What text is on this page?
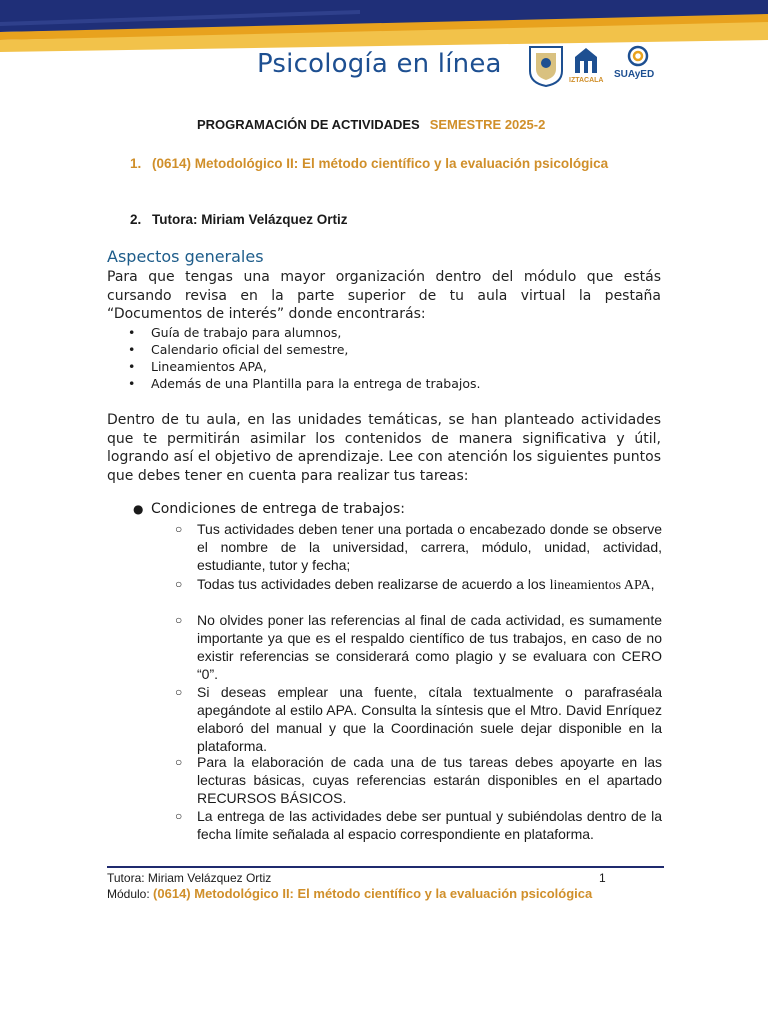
Psicología en línea
IZTACALA
SUAyED
PROGRAMACIÓN DE ACTIVIDADES SEMESTRE 2025-2
1. (0614) Metodológico II: El método científico y la evaluación psicológica
2. Tutora: Miriam Velázquez Ortiz
Aspectos generales
Para que tengas una mayor organización dentro del módulo que estás cursando revisa en la parte superior de tu aula virtual la pestaña “Documentos de interés” donde encontrarás:
• Guía de trabajo para alumnos,
• Calendario oficial del semestre,
• Lineamientos APA,
• Además de una Plantilla para la entrega de trabajos.
Dentro de tu aula, en las unidades temáticas, se han planteado actividades que te permitirán asimilar los contenidos de manera significativa y útil, logrando así el objetivo de aprendizaje. Lee con atención los siguientes puntos que debes tener en cuenta para realizar tus tareas:
● Condiciones de entrega de trabajos:
○ Tus actividades deben tener una portada o encabezado donde se observe el nombre de la universidad, carrera, módulo, unidad, actividad, estudiante, tutor y fecha;
○ Todas tus actividades deben realizarse de acuerdo a los lineamientos APA,
○ No olvides poner las referencias al final de cada actividad, es sumamente importante ya que es el respaldo científico de tus trabajos, en caso de no existir referencias se considerará como plagio y se evaluara con CERO “0”.
○ Si deseas emplear una fuente, cítala textualmente o parafraséala apegándote al estilo APA. Consulta la síntesis que el Mtro. David Enríquez elaboró del manual y que la Coordinación suele dejar disponible en la plataforma.
○ Para la elaboración de cada una de tus tareas debes apoyarte en las lecturas básicas, cuyas referencias estarán disponibles en el apartado RECURSOS BÁSICOS.
○ La entrega de las actividades debe ser puntual y subiéndolas dentro de la fecha límite señalada al espacio correspondiente en plataforma.
Tutora: Miriam Velázquez Ortiz	1
Módulo: (0614) Metodológico II: El método científico y la evaluación psicológica
